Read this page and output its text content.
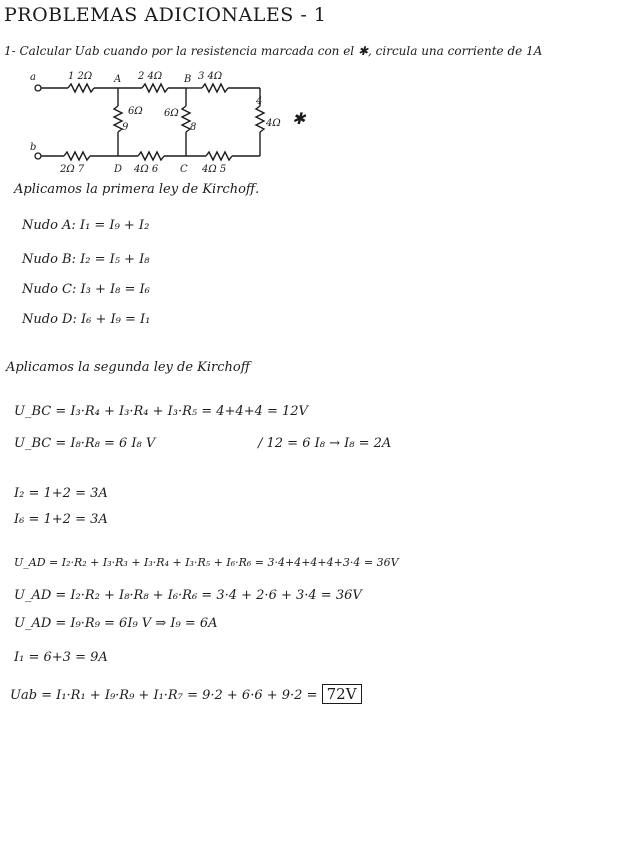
PROBLEMAS ADICIONALES - 1
1- Calcular Uab cuando por la resistencia marcada con el ✱, circula una corriente de 1A
a	1 2Ω A 2 4Ω B 3 4Ω
4
4Ω ✱
6Ω
9
6Ω
8
b
2Ω 7	D 4Ω 6 C 4Ω 5
Aplicamos la primera ley de Kirchoff.
Nudo A: I₁ = I₉ + I₂
Nudo B: I₂ = I₅ + I₈
Nudo C: I₃ + I₈ = I₆
Nudo D: I₆ + I₉ = I₁
Aplicamos la segunda ley de Kirchoff
U_BC = I₃·R₄ + I₃·R₄ + I₃·R₅ = 4+4+4 = 12V
U_BC = I₈·R₈ = 6 I₈ V	/ 12 = 6 I₈ → I₈ = 2A
I₂ = 1+2 = 3A
I₆ = 1+2 = 3A
U_AD = I₂·R₂ + I₃·R₃ + I₃·R₄ + I₃·R₅ + I₆·R₆ = 3·4+4+4+4+3·4 = 36V
U_AD = I₂·R₂ + I₈·R₈ + I₆·R₆ = 3·4 + 2·6 + 3·4 = 36V
U_AD = I₉·R₉ = 6I₉ V ⇒ I₉ = 6A
I₁ = 6+3 = 9A
Uab = I₁·R₁ + I₉·R₉ + I₁·R₇ = 9·2 + 6·6 + 9·2 = 72V
